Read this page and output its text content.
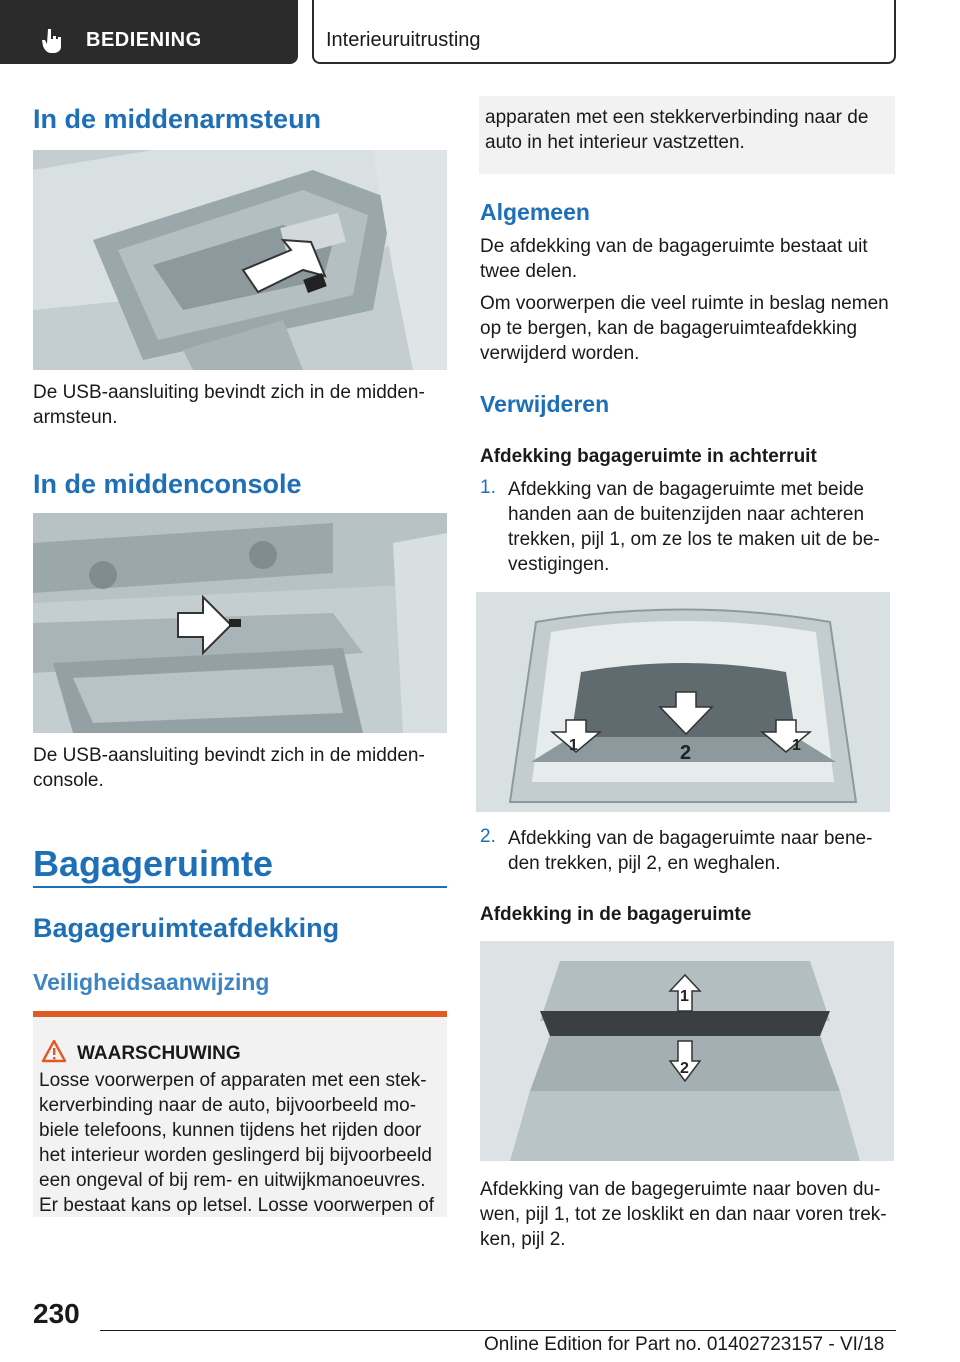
BEDIENING	Interieuruitrusting
In de middenarmsteun
De USB-aansluiting bevindt zich in de midden‐
armsteun.
In de middenconsole
De USB-aansluiting bevindt zich in de midden‐
console.
Bagageruimte
Bagageruimteafdekking
Veiligheidsaanwijzing
WAARSCHUWING
Losse voorwerpen of apparaten met een stek‐
kerverbinding naar de auto, bijvoorbeeld mo‐
biele telefoons, kunnen tijdens het rijden door
het interieur worden geslingerd bij bijvoorbeeld
een ongeval of bij rem- en uitwijkmanoeuvres.
Er bestaat kans op letsel. Losse voorwerpen of
apparaten met een stekkerverbinding naar de
auto in het interieur vastzetten.
Algemeen
De afdekking van de bagageruimte bestaat uit
twee delen.
Om voorwerpen die veel ruimte in beslag nemen
op te bergen, kan de bagageruimteafdekking
verwijderd worden.
Verwijderen
Afdekking bagageruimte in achterruit
1. Afdekking van de bagageruimte met beide
handen aan de buitenzijden naar achteren
trekken, pijl 1, om ze los te maken uit de be‐
vestigingen.
1	2	1
2. Afdekking van de bagageruimte naar bene‐
den trekken, pijl 2, en weghalen.
Afdekking in de bagageruimte
1
2
Afdekking van de bagegeruimte naar boven du‐
wen, pijl 1, tot ze losklikt en dan naar voren trek‐
ken, pijl 2.
230
Online Edition for Part no. 01402723157 - VI/18
